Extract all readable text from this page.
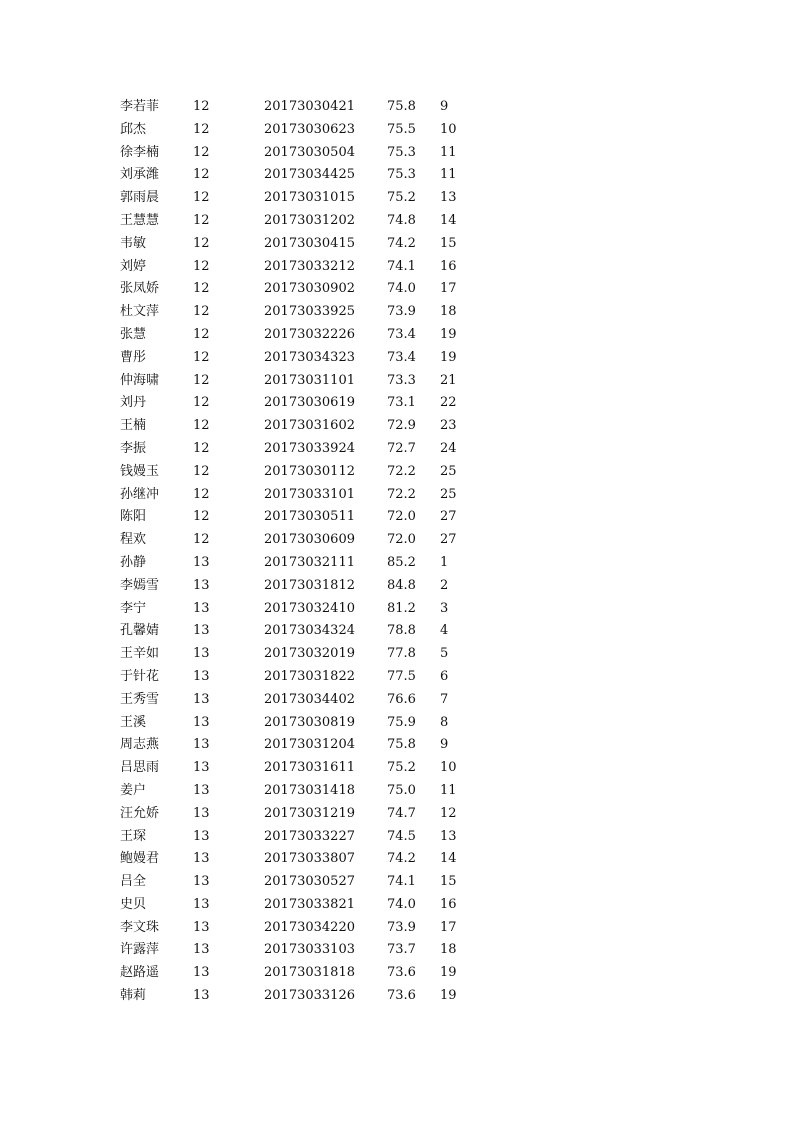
李若菲	12	20173030421 75.8 9
邱杰	12	20173030623 75.5 10
徐李楠	12	20173030504 75.3 11
刘承潍	12	20173034425 75.3 11
郭雨晨	12	20173031015 75.2 13
王慧慧	12	20173031202 74.8 14
韦敏	12	20173030415 74.2 15
刘婷	12	20173033212 74.1 16
张凤娇	12	20173030902 74.0 17
杜文萍	12	20173033925 73.9 18
张慧	12	20173032226 73.4 19
曹彤	12	20173034323 73.4 19
仲海啸	12	20173031101 73.3 21
刘丹	12	20173030619 73.1 22
王楠	12	20173031602 72.9 23
李振	12	20173033924 72.7 24
钱嫚玉	12	20173030112 72.2 25
孙继冲	12	20173033101 72.2 25
陈阳	12	20173030511 72.0 27
程欢	12	20173030609 72.0 27
孙静	13	20173032111 85.2 1
李嫣雪	13	20173031812 84.8 2
李宁	13	20173032410 81.2 3
孔馨婧	13	20173034324 78.8 4
王辛如	13	20173032019 77.8 5
于针花	13	20173031822 77.5 6
王秀雪	13	20173034402 76.6 7
王溪	13	20173030819 75.9 8
周志燕	13	20173031204 75.8 9
吕思雨	13	20173031611 75.2 10
姜户	13	20173031418 75.0 11
汪允娇	13	20173031219 74.7 12
王琛	13	20173033227 74.5 13
鲍嫚君	13	20173033807 74.2 14
吕全	13	20173030527 74.1 15
史贝	13	20173033821 74.0 16
李文珠	13	20173034220 73.9 17
许露萍	13	20173033103 73.7 18
赵路遥	13	20173031818 73.6 19
韩莉	13	20173033126 73.6 19
